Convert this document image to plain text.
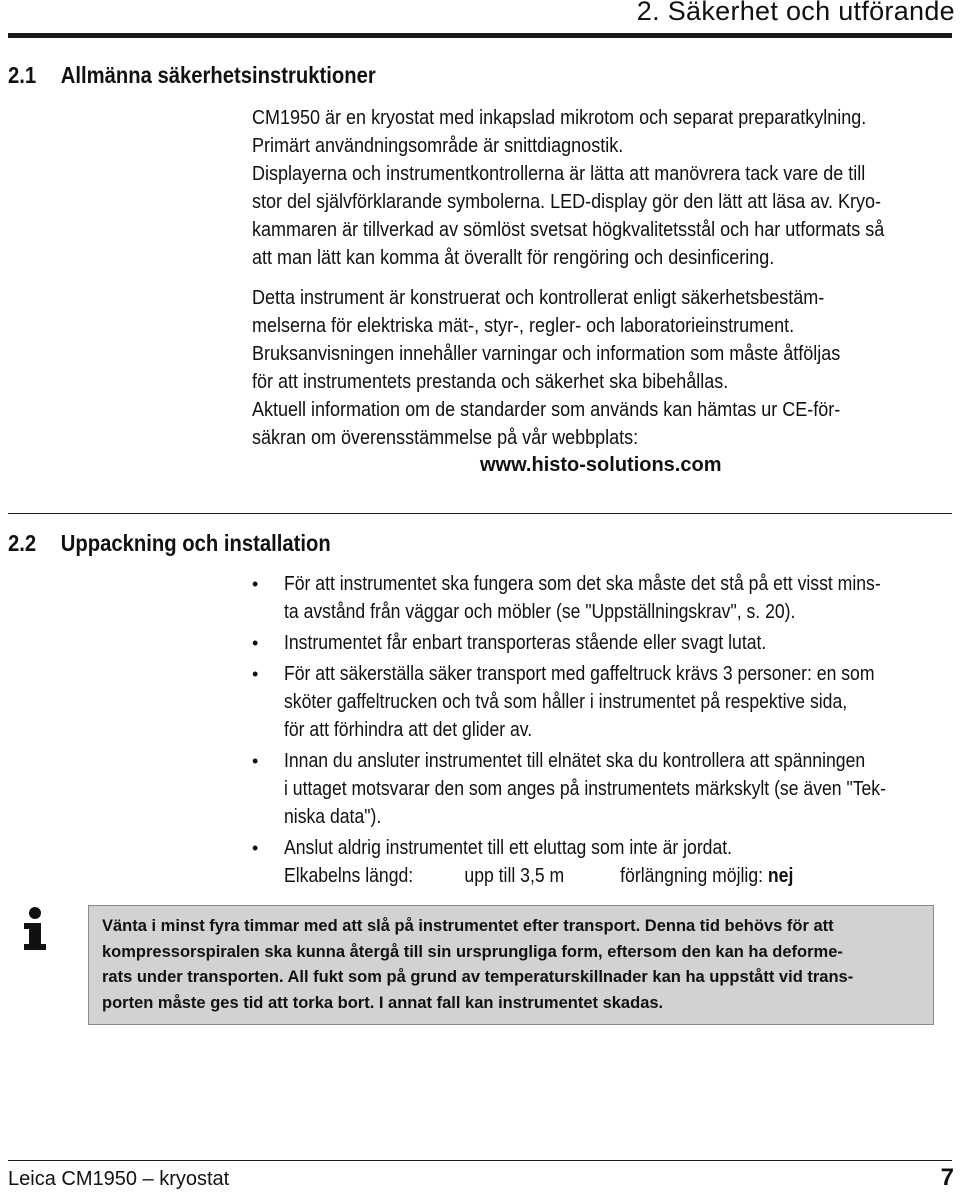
2. Säkerhet och utförande
2.1 Allmänna säkerhetsinstruktioner
CM1950 är en kryostat med inkapslad mikrotom och separat preparatkylning.
Primärt användningsområde är snittdiagnostik.
Displayerna och instrumentkontrollerna är lätta att manövrera tack vare de till
stor del självförklarande symbolerna. LED-display gör den lätt att läsa av. Kryo-
kammaren är tillverkad av sömlöst svetsat högkvalitetsstål och har utformats så
att man lätt kan komma åt överallt för rengöring och desinficering.
Detta instrument är konstruerat och kontrollerat enligt säkerhetsbestäm-
melserna för elektriska mät-, styr-, regler- och laboratorieinstrument.
Bruksanvisningen innehåller varningar och information som måste åtföljas
för att instrumentets prestanda och säkerhet ska bibehållas.
Aktuell information om de standarder som används kan hämtas ur CE-för-
säkran om överensstämmelse på vår webbplats:
www.histo-solutions.com
2.2 Uppackning och installation
• För att instrumentet ska fungera som det ska måste det stå på ett visst mins-
ta avstånd från väggar och möbler (se "Uppställningskrav", s. 20).
• Instrumentet får enbart transporteras stående eller svagt lutat.
• För att säkerställa säker transport med gaffeltruck krävs 3 personer: en som
sköter gaffeltrucken och två som håller i instrumentet på respektive sida,
för att förhindra att det glider av.
• Innan du ansluter instrumentet till elnätet ska du kontrollera att spänningen
i uttaget motsvarar den som anges på instrumentets märkskylt (se även "Tek-
niska data").
• Anslut aldrig instrumentet till ett eluttag som inte är jordat.
Elkabelns längd:	upp till 3,5 m	förlängning möjlig: nej
Vänta i minst fyra timmar med att slå på instrumentet efter transport. Denna tid behövs för att
kompressorspiralen ska kunna återgå till sin ursprungliga form, eftersom den kan ha deforme-
rats under transporten. All fukt som på grund av temperaturskillnader kan ha uppstått vid trans-
porten måste ges tid att torka bort. I annat fall kan instrumentet skadas.
Leica CM1950 – kryostat	7
